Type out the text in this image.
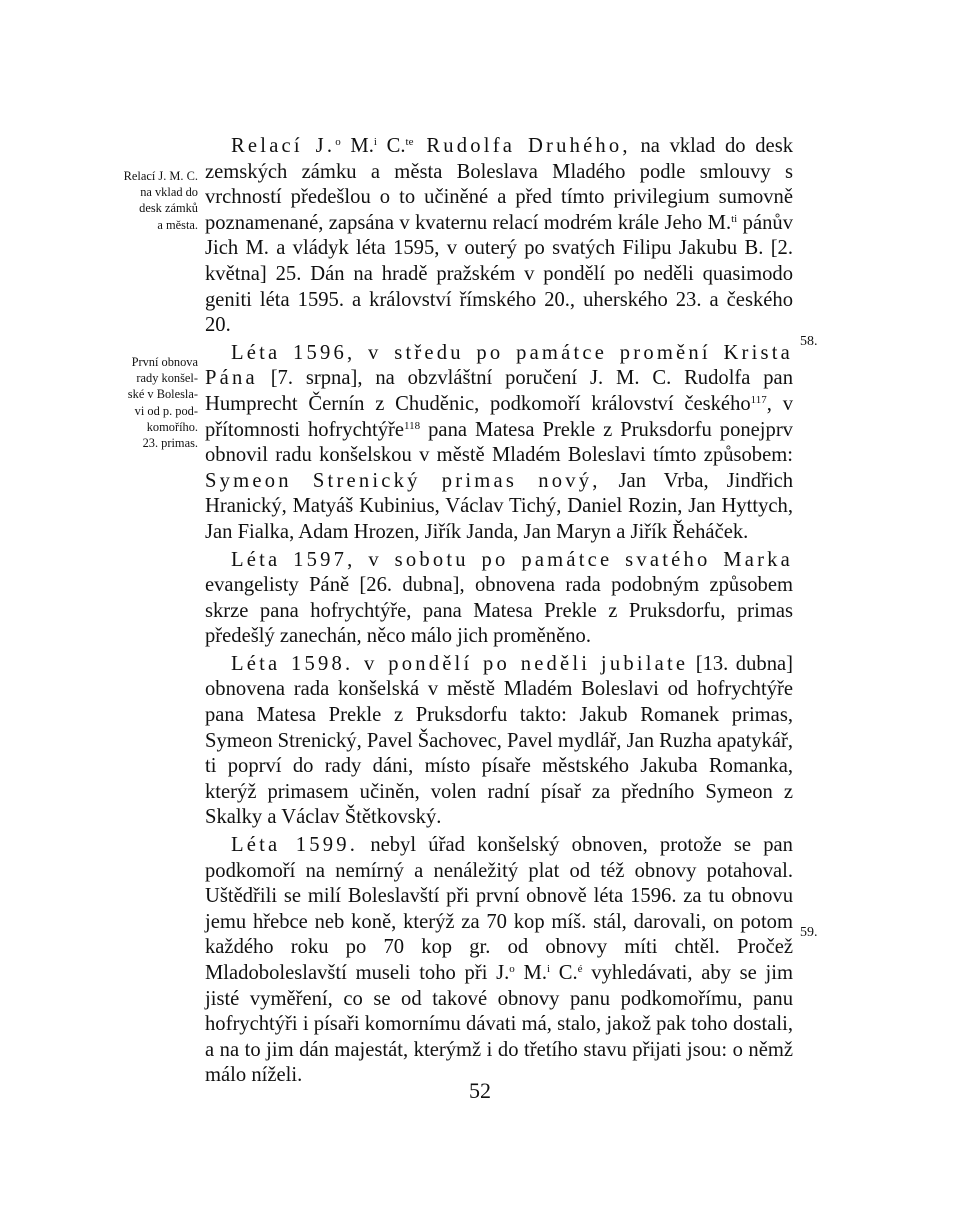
Relací J. M. C.
na vklad do
desk zámků
a města.
První obnova
rady konšel-
ské v Bolesla-
vi od p. pod-
komořího.
23. primas.
58.
59.

Relací J.$^o$ M.$^i$ C.$^{te}$ Rudolfa Druhého, na vklad do desk zemských zámku a města Boleslava Mladého podle smlouvy s vrchností předešlou o to učiněné a před tímto privilegium sumovně poznamenané, zapsána v kvaternu relací modrém krále Jeho M.$^{ti}$ pánův Jich M. a vládyk léta 1595, v outerý po svatých Filipu Jakubu B. [2. května] 25. Dán na hradě pražském v pondělí po neděli quasimodo geniti léta 1595. a království římského 20., uherského 23. a českého 20.

Léta 1596, v středu po památce promění Krista Pána [7. srpna], na obzvláštní poručení J. M. C. Rudolfa pan Humprecht Černín z Chuděnic, podkomoří království českého$^{117}$, v přítomnosti hofrychtýře$^{118}$ pana Matesa Prekle z Pruksdorfu ponejprv obnovil radu konšelskou v městě Mladém Boleslavi tímto způsobem: Symeon Strenický primas nový, Jan Vrba, Jindřich Hranický, Matyáš Kubinius, Václav Tichý, Daniel Rozin, Jan Hyttych, Jan Fialka, Adam Hrozen, Jiřík Janda, Jan Maryn a Jiřík Řeháček.

Léta 1597, v sobotu po památce svatého Marka evangelisty Páně [26. dubna], obnovena rada podobným způsobem skrze pana hofrychtýře, pana Matesa Prekle z Pruksdorfu, primas předešlý zanechán, něco málo jich proměněno.

Léta 1598. v pondělí po neděli jubilate [13. dubna] obnovena rada konšelská v městě Mladém Boleslavi od hofrychtýře pana Matesa Prekle z Pruksdorfu takto: Jakub Romanek primas, Symeon Strenický, Pavel Šachovec, Pavel mydlář, Jan Ruzha apatykář, ti poprví do rady dáni, místo písaře městského Jakuba Romanka, kterýž primasem učiněn, volen radní písař za předního Symeon z Skalky a Václav Štětkovský.

Léta 1599. nebyl úřad konšelský obnoven, protože se pan podkomoří na nemírný a nenáležitý plat od též obnovy potahoval. Uštědřili se milí Boleslavští při první obnově léta 1596. za tu obnovu jemu hřebce neb koně, kterýž za 70 kop míš. stál, darovali, on potom každého roku po 70 kop gr. od obnovy míti chtěl. Pročež Mladoboleslavští museli toho při J.$^o$ M.$^i$ C.$^é$ vyhledávati, aby se jim jisté vyměření, co se od takové obnovy panu podkomořímu, panu hofrychtýři i písaři komornímu dávati má, stalo, jakož pak toho dostali, a na to jim dán majestát, kterýmž i do třetího stavu přijati jsou: o němž málo níželi.

52
